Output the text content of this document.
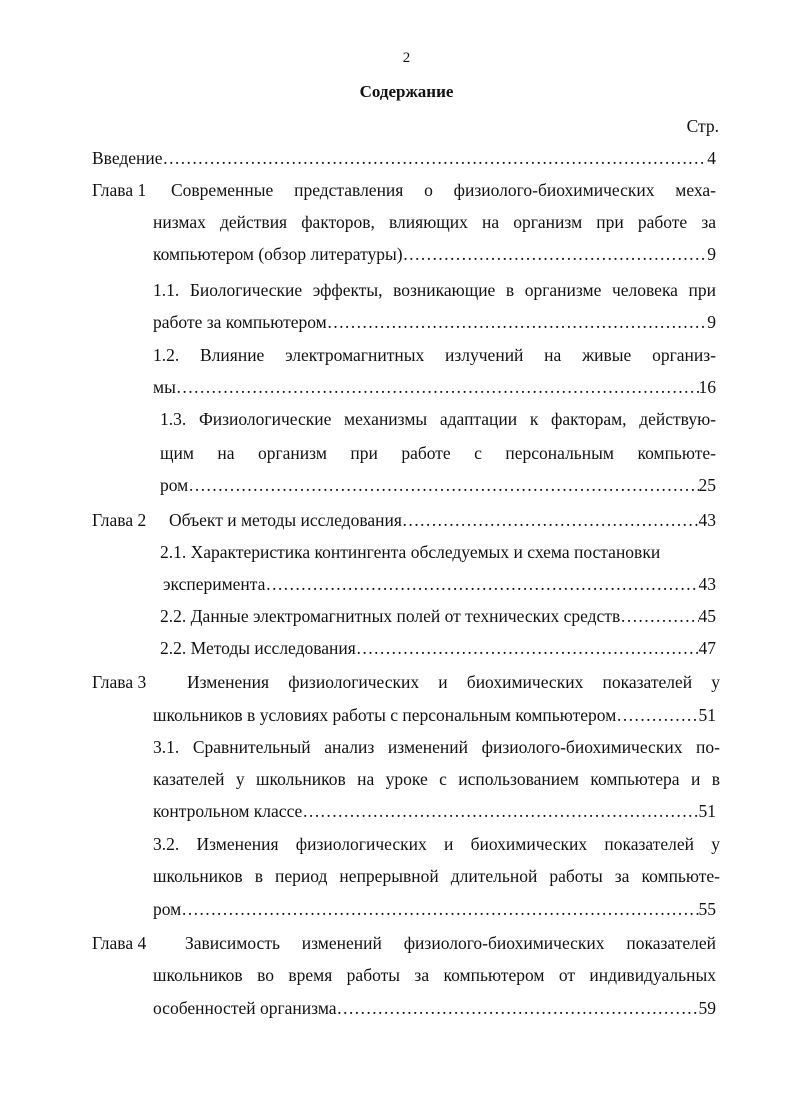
2
Содержание
Стр.
Введение ……………………………………………………………………………………………………………………………………	4
Глава 1 Современные представления о физиолого-биохимических меха-
низмах действия факторов, влияющих на организм при работе за
компьютером (обзор литературы) ……………………………………………………………………………………………………………………………………	9
1.1. Биологические эффекты, возникающие в организме человека при
работе за компьютером ……………………………………………………………………………………………………………………………………	9
1.2. Влияние электромагнитных излучений на живые организ-
мы ……………………………………………………………………………………………………………………………………	16
1.3. Физиологические механизмы адаптации к факторам, действую-
щим на организм при работе с персональным компьюте-
ром ……………………………………………………………………………………………………………………………………	25
Глава 2 Объект и методы исследования ……………………………………………………………………………………………………………………………………	43
2.1. Характеристика контингента обследуемых и схема постановки
эксперимента ……………………………………………………………………………………………………………………………………	43
2.2. Данные электромагнитных полей от технических средств ……………………………………………………………………………………………………………………………………	45
2.2. Методы исследования ……………………………………………………………………………………………………………………………………	47
Глава 3 Изменения физиологических и биохимических показателей у
школьников в условиях работы с персональным компьютером ……………………………………………………………………………………………………………………………………	51
3.1. Сравнительный анализ изменений физиолого-биохимических по-
казателей у школьников на уроке с использованием компьютера и в
контрольном классе ……………………………………………………………………………………………………………………………………	51
3.2. Изменения физиологических и биохимических показателей у
школьников в период непрерывной длительной работы за компьюте-
ром ……………………………………………………………………………………………………………………………………	55
Глава 4 Зависимость изменений физиолого-биохимических показателей
школьников во время работы за компьютером от индивидуальных
особенностей организма ……………………………………………………………………………………………………………………………………	59
